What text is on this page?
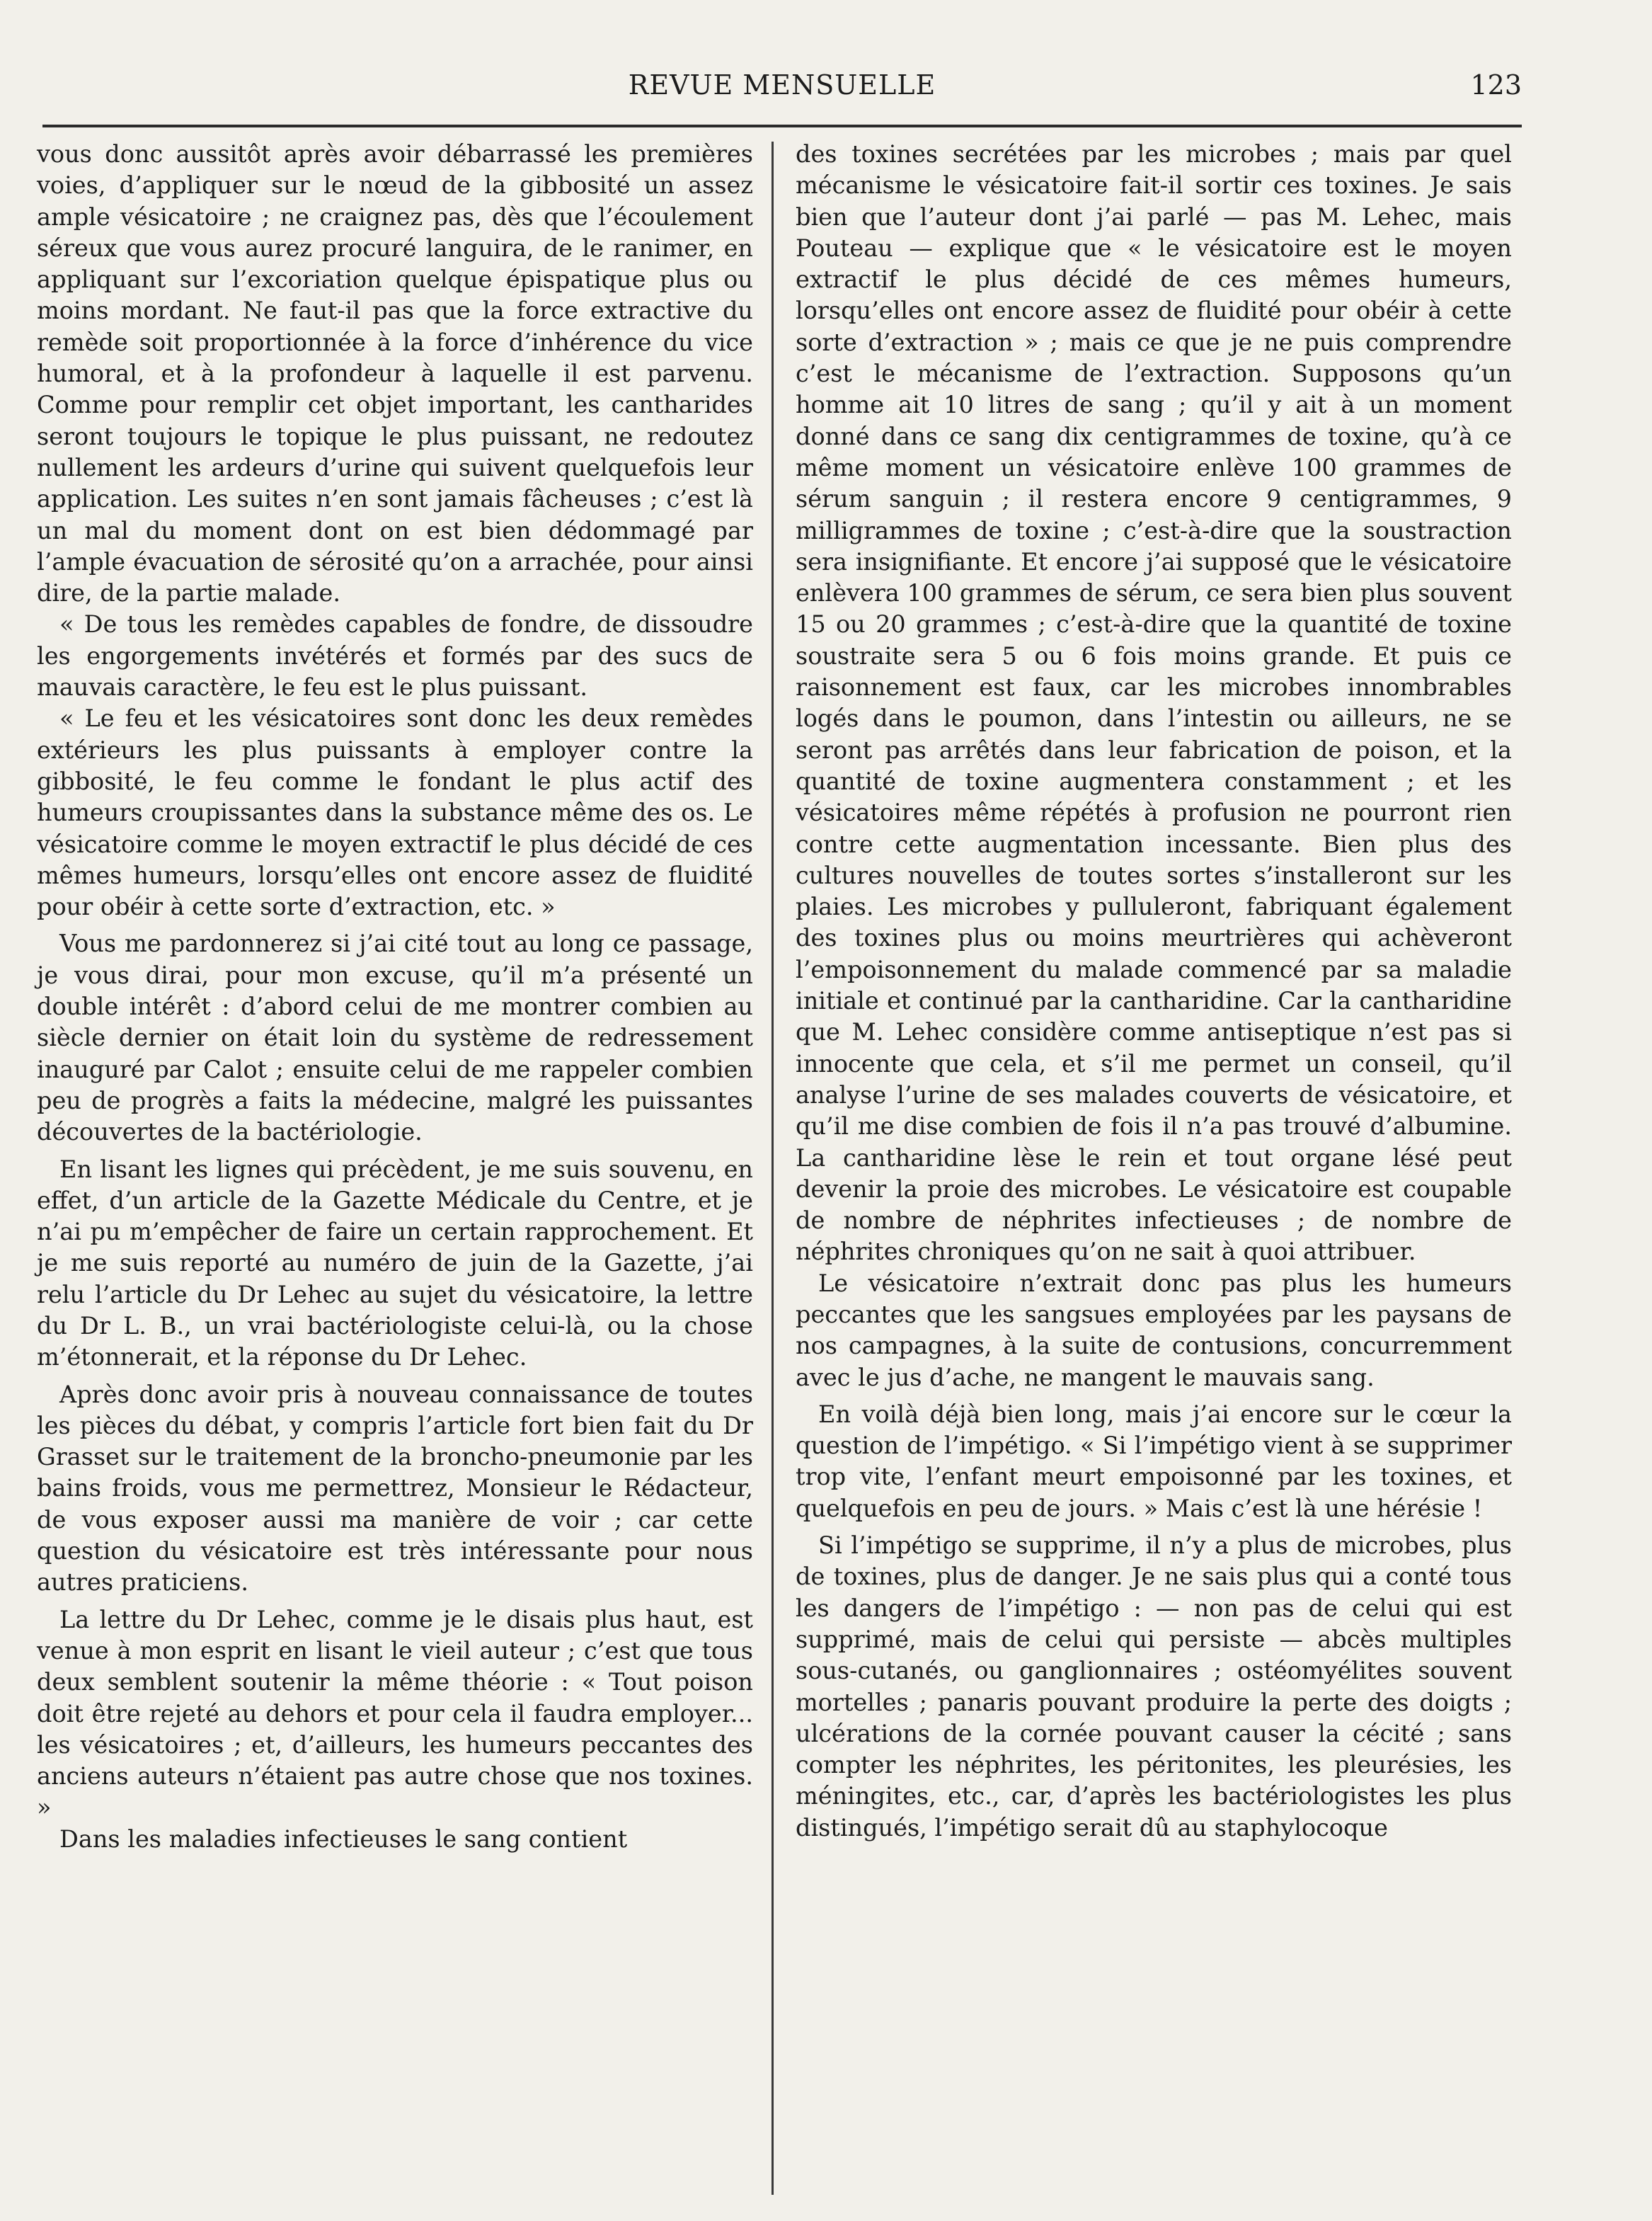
REVUE MENSUELLE	123

vous donc aussitôt après avoir débarrassé les premières voies, d’appliquer sur le nœud de la gibbosité un assez ample vésicatoire ; ne craignez pas, dès que l’écoulement séreux que vous aurez procuré languira, de le ranimer, en appliquant sur l’excoriation quelque épispatique plus ou moins mordant. Ne faut-il pas que la force extractive du remède soit proportionnée à la force d’inhérence du vice humoral, et à la profondeur à laquelle il est parvenu. Comme pour remplir cet objet important, les cantharides seront toujours le topique le plus puissant, ne redoutez nullement les ardeurs d’urine qui suivent quelquefois leur application. Les suites n’en sont jamais fâcheuses ; c’est là un mal du moment dont on est bien dédommagé par l’ample évacuation de sérosité qu’on a arrachée, pour ainsi dire, de la partie malade.

« De tous les remèdes capables de fondre, de dissoudre les engorgements invétérés et formés par des sucs de mauvais caractère, le feu est le plus puissant.

« Le feu et les vésicatoires sont donc les deux remèdes extérieurs les plus puissants à employer contre la gibbosité, le feu comme le fondant le plus actif des humeurs croupissantes dans la substance même des os. Le vésicatoire comme le moyen extractif le plus décidé de ces mêmes humeurs, lorsqu’elles ont encore assez de fluidité pour obéir à cette sorte d’extraction, etc. »

Vous me pardonnerez si j’ai cité tout au long ce passage, je vous dirai, pour mon excuse, qu’il m’a présenté un double intérêt : d’abord celui de me montrer combien au siècle dernier on était loin du système de redressement inauguré par Calot ; ensuite celui de me rappeler combien peu de progrès a faits la médecine, malgré les puissantes découvertes de la bactériologie.

En lisant les lignes qui précèdent, je me suis souvenu, en effet, d’un article de la Gazette Médicale du Centre, et je n’ai pu m’empêcher de faire un certain rapprochement. Et je me suis reporté au numéro de juin de la Gazette, j’ai relu l’article du Dr Lehec au sujet du vésicatoire, la lettre du Dr L. B., un vrai bactériologiste celui-là, ou la chose m’étonnerait, et la réponse du Dr Lehec.

Après donc avoir pris à nouveau connaissance de toutes les pièces du débat, y compris l’article fort bien fait du Dr Grasset sur le traitement de la broncho-pneumonie par les bains froids, vous me permettrez, Monsieur le Rédacteur, de vous exposer aussi ma manière de voir ; car cette question du vésicatoire est très intéressante pour nous autres praticiens.

La lettre du Dr Lehec, comme je le disais plus haut, est venue à mon esprit en lisant le vieil auteur ; c’est que tous deux semblent soutenir la même théorie : « Tout poison doit être rejeté au dehors et pour cela il faudra employer... les vésicatoires ; et, d’ailleurs, les humeurs peccantes des anciens auteurs n’étaient pas autre chose que nos toxines. »

Dans les maladies infectieuses le sang contient

des toxines secrétées par les microbes ; mais par quel mécanisme le vésicatoire fait-il sortir ces toxines. Je sais bien que l’auteur dont j’ai parlé — pas M. Lehec, mais Pouteau — explique que « le vésicatoire est le moyen extractif le plus décidé de ces mêmes humeurs, lorsqu’elles ont encore assez de fluidité pour obéir à cette sorte d’extraction » ; mais ce que je ne puis comprendre c’est le mécanisme de l’extraction. Supposons qu’un homme ait 10 litres de sang ; qu’il y ait à un moment donné dans ce sang dix centigrammes de toxine, qu’à ce même moment un vésicatoire enlève 100 grammes de sérum sanguin ; il restera encore 9 centigrammes, 9 milligrammes de toxine ; c’est-à-dire que la soustraction sera insignifiante. Et encore j’ai supposé que le vésicatoire enlèvera 100 grammes de sérum, ce sera bien plus souvent 15 ou 20 grammes ; c’est-à-dire que la quantité de toxine soustraite sera 5 ou 6 fois moins grande. Et puis ce raisonnement est faux, car les microbes innombrables logés dans le poumon, dans l’intestin ou ailleurs, ne se seront pas arrêtés dans leur fabrication de poison, et la quantité de toxine augmentera constamment ; et les vésicatoires même répétés à profusion ne pourront rien contre cette augmentation incessante. Bien plus des cultures nouvelles de toutes sortes s’installeront sur les plaies. Les microbes y pulluleront, fabriquant également des toxines plus ou moins meurtrières qui achèveront l’empoisonnement du malade commencé par sa maladie initiale et continué par la cantharidine. Car la cantharidine que M. Lehec considère comme antiseptique n’est pas si innocente que cela, et s’il me permet un conseil, qu’il analyse l’urine de ses malades couverts de vésicatoire, et qu’il me dise combien de fois il n’a pas trouvé d’albumine. La cantharidine lèse le rein et tout organe lésé peut devenir la proie des microbes. Le vésicatoire est coupable de nombre de néphrites infectieuses ; de nombre de néphrites chroniques qu’on ne sait à quoi attribuer.

Le vésicatoire n’extrait donc pas plus les humeurs peccantes que les sangsues employées par les paysans de nos campagnes, à la suite de contusions, concurremment avec le jus d’ache, ne mangent le mauvais sang.

En voilà déjà bien long, mais j’ai encore sur le cœur la question de l’impétigo. « Si l’impétigo vient à se supprimer trop vite, l’enfant meurt empoisonné par les toxines, et quelquefois en peu de jours. » Mais c’est là une hérésie !

Si l’impétigo se supprime, il n’y a plus de microbes, plus de toxines, plus de danger. Je ne sais plus qui a conté tous les dangers de l’impétigo : — non pas de celui qui est supprimé, mais de celui qui persiste — abcès multiples sous-cutanés, ou ganglionnaires ; ostéomyélites souvent mortelles ; panaris pouvant produire la perte des doigts ; ulcérations de la cornée pouvant causer la cécité ; sans compter les néphrites, les péritonites, les pleurésies, les méningites, etc., car, d’après les bactériologistes les plus distingués, l’impétigo serait dû au staphylocoque
